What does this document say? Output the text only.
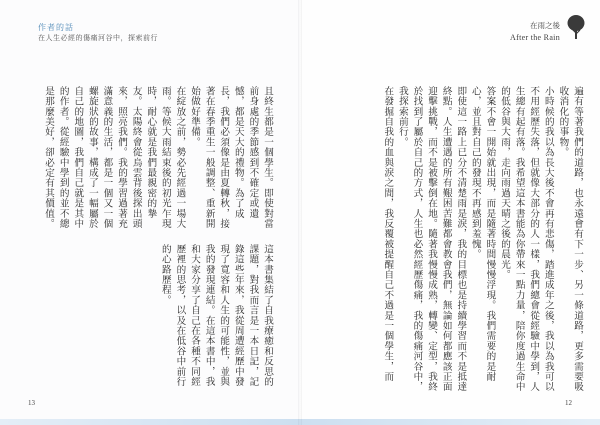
作者的話
在人生必經的傷痛河谷中，探索前行

且終生都是一個學生。即使對當前身處的季節感到不確定或遺憾，都是天大的禮物。為了成長，我們必須像是由夏轉秋，接著在春季重生一般調整、重新開始做好準備。

在綻放之前，勢必先經過一場大雨。等候大雨結束後的初光乍現時，耐心就是我們最親密的摯友。太陽終會從烏雲背後探出頭來，照亮我們。我的學習過著充滿意義的生活，都是一個又一個螺旋狀的故事，構成了一幅屬於自己的地圖，我們自己就是其中的作者。從經驗中學到的並不總是那麼美好，卻必定有其價值。

這本書集結了自我療癒和反思的課題，對我而言是一本日記，記錄這些年來，我從周遭經歷中發現了寬容和人生的可能性，並與我的發現連結。在這本書中，我和大家分享了自己在各種不同經歷裡的思考，以及在低谷中前行的心路歷程。

13
在雨之後
After the Rain

遍有等著我們的道路，也永遠會有下一步、另一條道路，更多需要吸收消化的事物。

小時候的我以為長大後不會再有悲傷，踏進成年之後，我以為我可以不用經歷失落，但就像大部分的人一樣，我們總會從經驗中學到，人生總有起有落。我希望這本書能為你帶來一點力量，陪你度過生命中的低谷與大雨，走向雨過天晴之後的晨光。

答案不會一開始就出現，而是隨著時間慢慢浮現。我們需要的是耐心，並且對自己的發現不再感到羞愧。

即使這一路上已分不清楚雨是淚，我的目標也是持續學習而不是抵達終點。人生遭遇的所有艱困苦難都會教會我們，無論如何都應該正面迎擊挑戰，而不是被擊倒在地。隨著我慢慢成熟，轉變、定型，我終於找到了屬於自己的方式，人生也必然經歷傷痛，我的傷痛河谷中，我探索前行。

在發掘自我的血與淚之間，我反覆被提醒自己不過是一個學生，而

12
